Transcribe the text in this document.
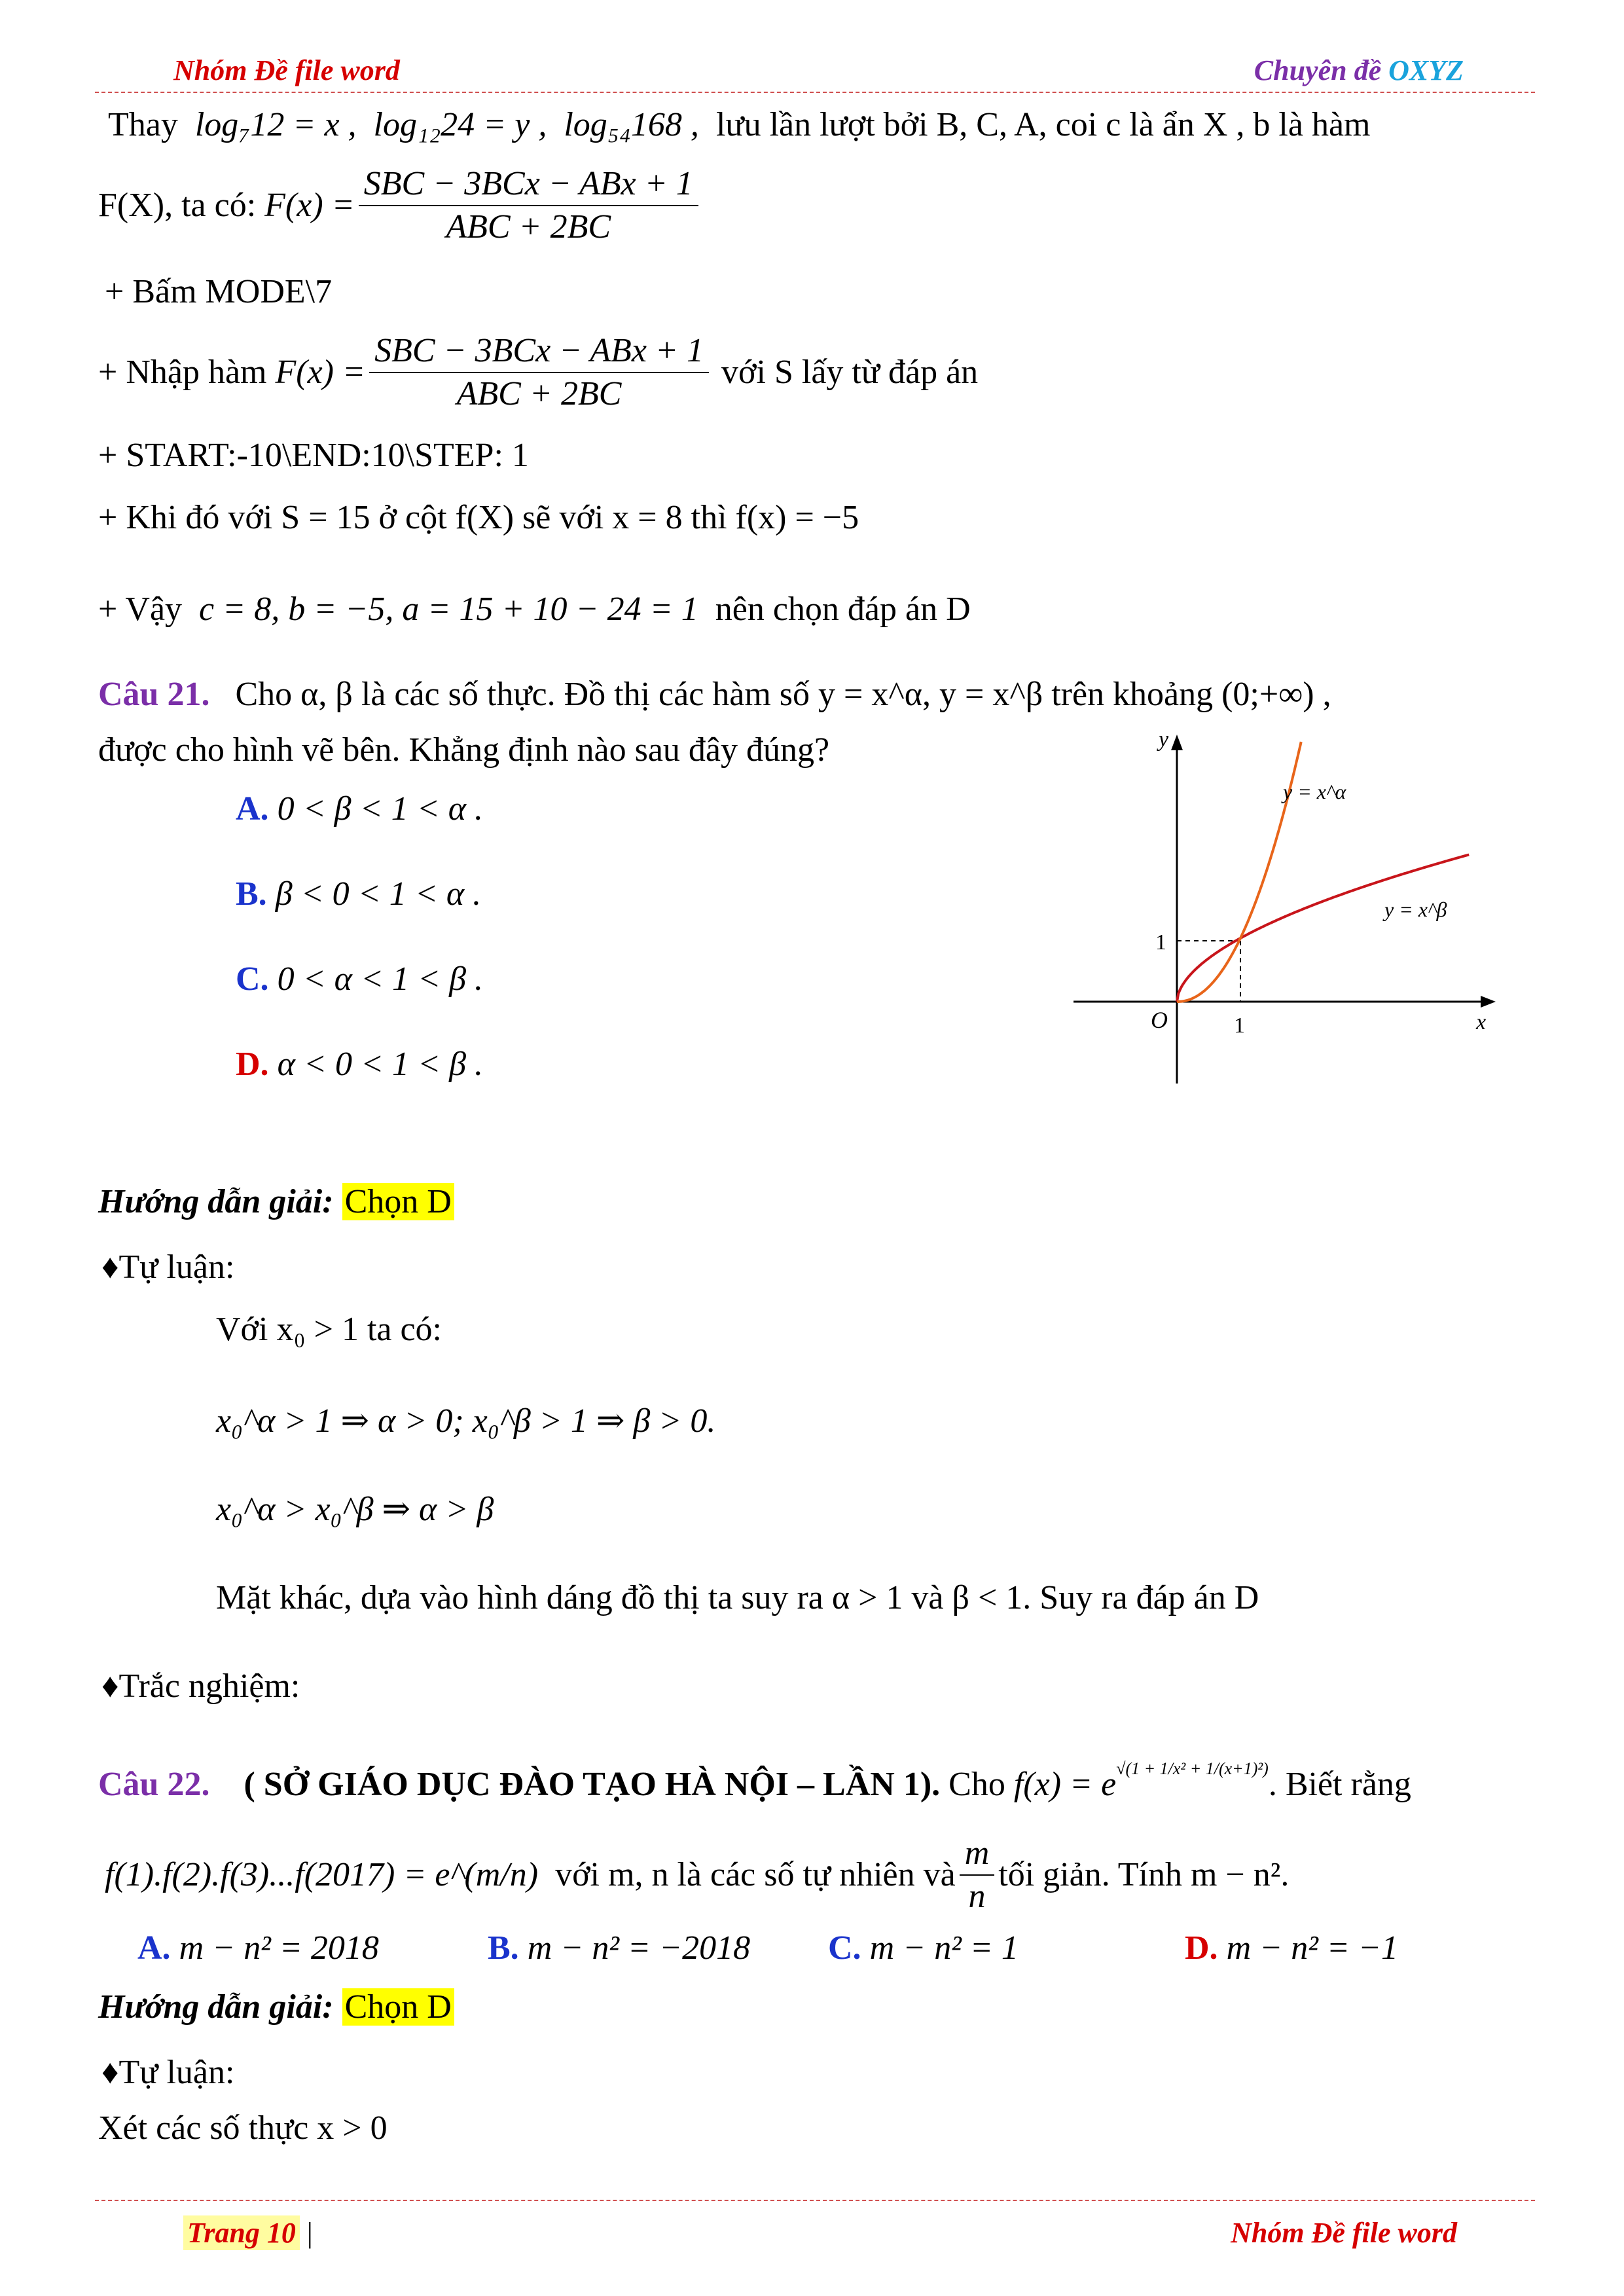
Nhóm Đề file word	Chuyên đề OXYZ
Thay log₇12 = x , log₁₂24 = y , log₅₄168 , lưu lần lượt bởi B, C, A, coi c là ẩn X , b là hàm
F(X), ta có:
$F(x) = \frac{\text{SBC − 3BCx − ABx + 1}}{\text{ABC + 2BC}}$
+ Bấm MODE\7
+ Nhập hàm
$F(x) = \frac{\text{SBC − 3BCx − ABx + 1}}{\text{ABC + 2BC}}$
với S lấy từ đáp án
+ START:-10\END:10\STEP: 1
+ Khi đó với S = 15 ở cột f(X) sẽ với x = 8 thì f(x) = −5
+ Vậy c = 8, b = −5, a = 15 + 10 − 24 = 1 nên chọn đáp án D
Câu 21. Cho α, β là các số thực. Đồ thị các hàm số y = x^α, y = x^β trên khoảng (0;+∞) ,
được cho hình vẽ bên. Khẳng định nào sau đây đúng?
A. 0 < β < 1 < α .
B. β < 0 < 1 < α .
C. 0 < α < 1 < β .
D. α < 0 < 1 < β .
y
x
O	1
1
y = x^α
y = x^β
Hướng dẫn giải: Chọn D
♦Tự luận:
Với x₀ > 1 ta có:
x₀^α > 1 ⇒ α > 0; x₀^β > 1 ⇒ β > 0.
x₀^α > x₀^β ⇒ α > β
Mặt khác, dựa vào hình dáng đồ thị ta suy ra α > 1 và β < 1. Suy ra đáp án D
♦Trắc nghiệm:
Câu 22. ( SỞ GIÁO DỤC ĐÀO TẠO HÀ NỘI – LẦN 1). Cho $f(x) = e^{√(1 + 1/x^2 + 1/(x+1)^2)}$. Biết rằng
f(1).f(2).f(3)...f(2017) = e^(m/n)
với m, n là các số tự nhiên và $\frac{m}{n}$ tối giản. Tính m − n².
A. m − n² = 2018	B. m − n² = −2018 C. m − n² = 1	D. m − n² = −1
Hướng dẫn giải: Chọn D
♦Tự luận:
Xét các số thực x > 0
Trang 10 |	Nhóm Đề file word
